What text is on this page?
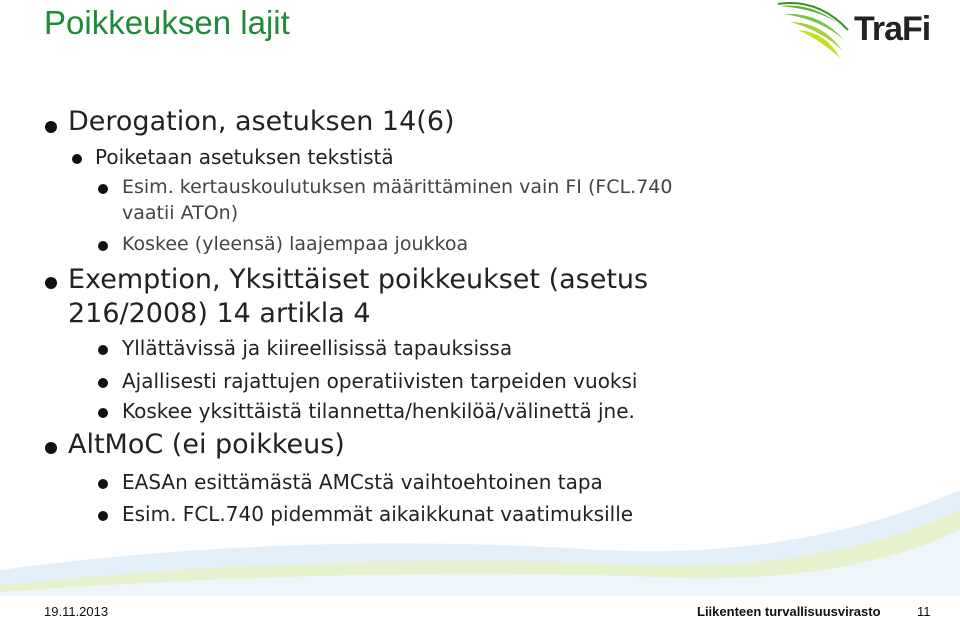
Poikkeuksen lajit	TraFi
Derogation, asetuksen 14(6)
Poiketaan asetuksen tekstistä
Esim. kertauskoulutuksen määrittäminen vain FI (FCL.740
vaatii ATOn)
Koskee (yleensä) laajempaa joukkoa
Exemption, Yksittäiset poikkeukset (asetus
216/2008) 14 artikla 4
Yllättävissä ja kiireellisissä tapauksissa
Ajallisesti rajattujen operatiivisten tarpeiden vuoksi
Koskee yksittäistä tilannetta/henkilöä/välinettä jne.
AltMoC (ei poikkeus)
EASAn esittämästä AMCstä vaihtoehtoinen tapa
Esim. FCL.740 pidemmät aikaikkunat vaatimuksille
19.11.2013	Liikenteen turvallisuusvirasto	11
